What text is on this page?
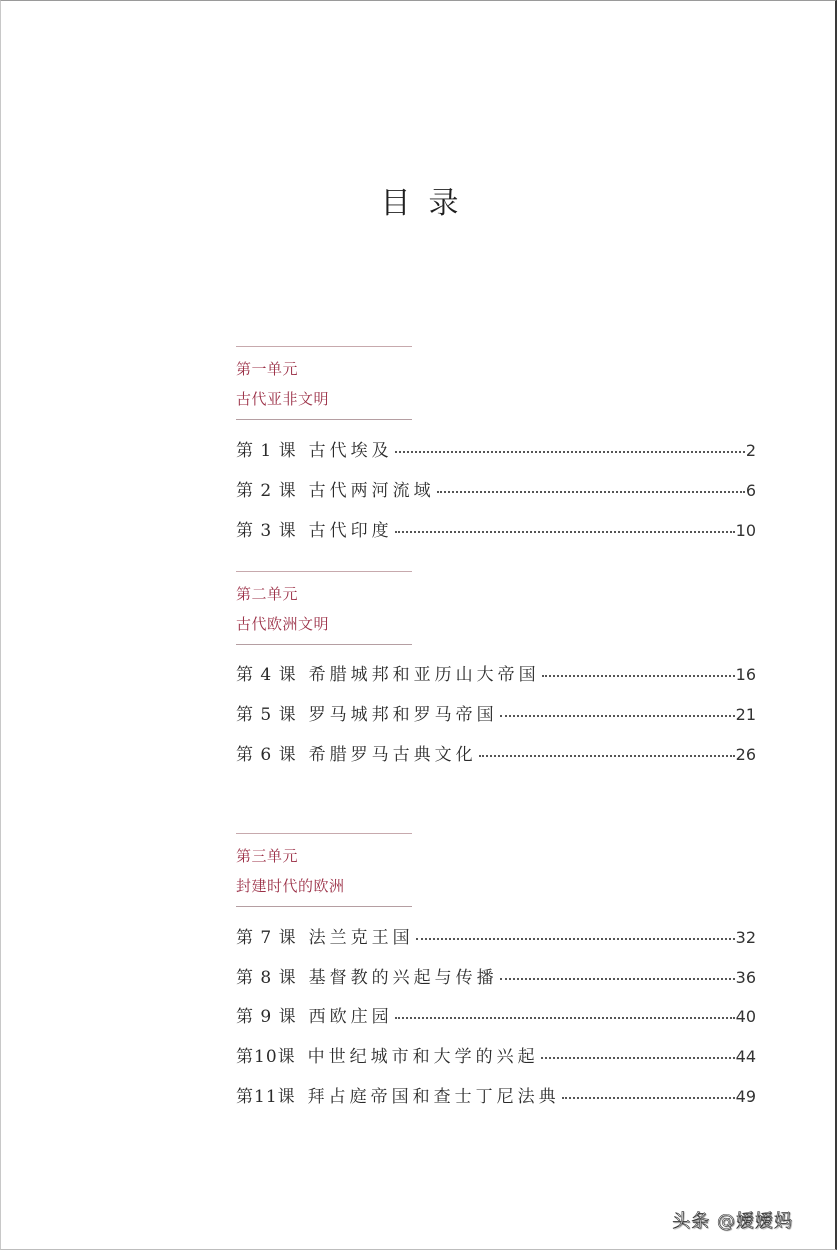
目录
第一单元
古代亚非文明
第 1 课 古代埃及	2
第 2 课 古代两河流域	6
第 3 课 古代印度	10
第二单元
古代欧洲文明
第 4 课 希腊城邦和亚历山大帝国	16
第 5 课 罗马城邦和罗马帝国	21
第 6 课 希腊罗马古典文化	26
第三单元
封建时代的欧洲
第 7 课 法兰克王国	32
第 8 课 基督教的兴起与传播	36
第 9 课 西欧庄园	40
第10课 中世纪城市和大学的兴起	44
第11课 拜占庭帝国和查士丁尼法典	49
头条 @嫒嫒妈
